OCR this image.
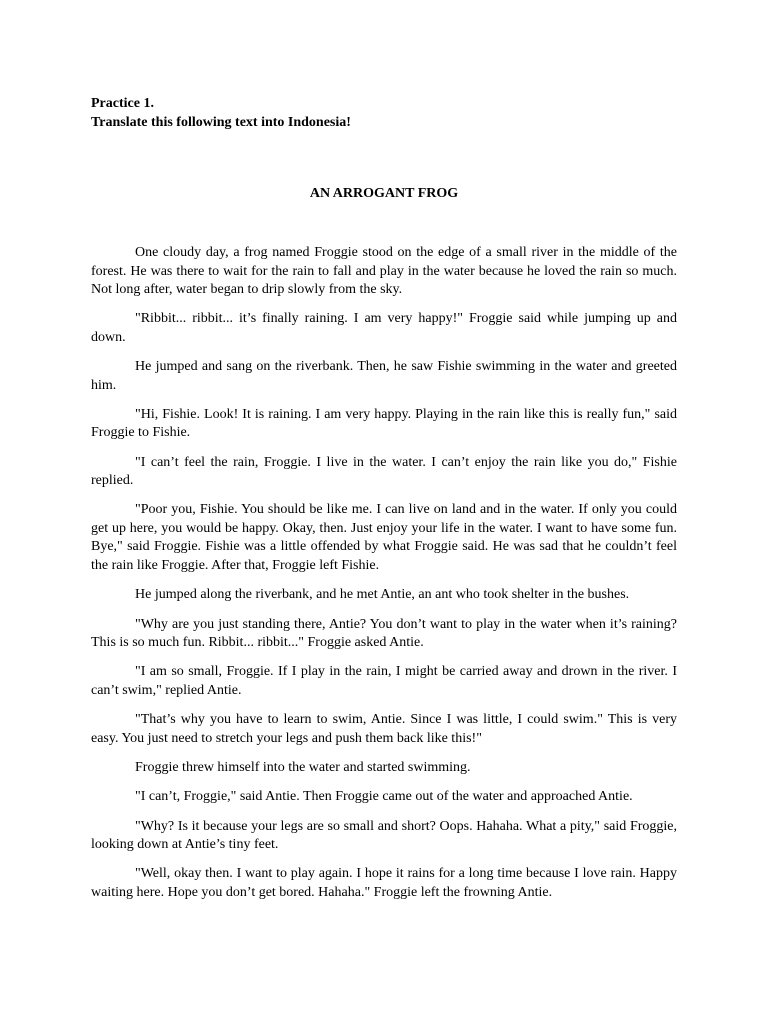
Practice 1.

Translate this following text into Indonesia!

AN ARROGANT FROG

One cloudy day, a frog named Froggie stood on the edge of a small river in the middle of the forest. He was there to wait for the rain to fall and play in the water because he loved the rain so much. Not long after, water began to drip slowly from the sky.

"Ribbit... ribbit... it’s finally raining. I am very happy!" Froggie said while jumping up and down.

He jumped and sang on the riverbank. Then, he saw Fishie swimming in the water and greeted him.

"Hi, Fishie. Look! It is raining. I am very happy. Playing in the rain like this is really fun," said Froggie to Fishie.

"I can’t feel the rain, Froggie. I live in the water. I can’t enjoy the rain like you do," Fishie replied.

"Poor you, Fishie. You should be like me. I can live on land and in the water. If only you could get up here, you would be happy. Okay, then. Just enjoy your life in the water. I want to have some fun. Bye," said Froggie. Fishie was a little offended by what Froggie said. He was sad that he couldn’t feel the rain like Froggie. After that, Froggie left Fishie.

He jumped along the riverbank, and he met Antie, an ant who took shelter in the bushes.

"Why are you just standing there, Antie? You don’t want to play in the water when it’s raining? This is so much fun. Ribbit... ribbit..." Froggie asked Antie.

"I am so small, Froggie. If I play in the rain, I might be carried away and drown in the river. I can’t swim," replied Antie.

"That’s why you have to learn to swim, Antie. Since I was little, I could swim." This is very easy. You just need to stretch your legs and push them back like this!"

Froggie threw himself into the water and started swimming.

"I can’t, Froggie," said Antie. Then Froggie came out of the water and approached Antie.

"Why? Is it because your legs are so small and short? Oops. Hahaha. What a pity," said Froggie, looking down at Antie’s tiny feet.

"Well, okay then. I want to play again. I hope it rains for a long time because I love rain. Happy waiting here. Hope you don’t get bored. Hahaha." Froggie left the frowning Antie.
